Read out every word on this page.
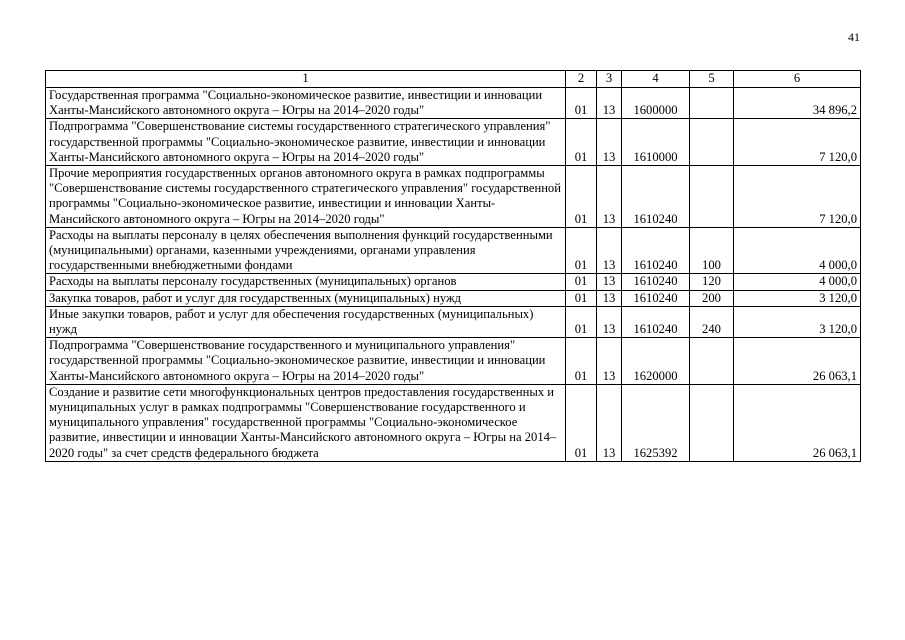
41
1	2	3	4	5	6
Государственная программа "Социально-экономическое развитие, инвестиции и инновации Ханты-Мансийского автономного округа – Югры на 2014–2020 годы"	01	13	1600000		34 896,2
Подпрограмма "Совершенствование системы государственного стратегического управления" государственной программы "Социально-экономическое развитие, инвестиции и инновации Ханты-Мансийского автономного округа – Югры на 2014–2020 годы"	01	13	1610000		7 120,0
Прочие мероприятия государственных органов автономного округа в рамках подпрограммы "Совершенствование системы государственного стратегического управления" государственной программы "Социально-экономическое развитие, инвестиции и инновации Ханты-Мансийского автономного округа – Югры на 2014–2020 годы"	01	13	1610240		7 120,0
Расходы на выплаты персоналу в целях обеспечения выполнения функций государственными (муниципальными) органами, казенными учреждениями, органами управления государственными внебюджетными фондами	01	13	1610240	100	4 000,0
Расходы на выплаты персоналу государственных (муниципальных) органов	01	13	1610240	120	4 000,0
Закупка товаров, работ и услуг для государственных (муниципальных) нужд	01	13	1610240	200	3 120,0
Иные закупки товаров, работ и услуг для обеспечения государственных (муниципальных) нужд	01	13	1610240	240	3 120,0
Подпрограмма "Совершенствование государственного и муниципального управления" государственной программы "Социально-экономическое развитие, инвестиции и инновации Ханты-Мансийского автономного округа – Югры на 2014–2020 годы"	01	13	1620000		26 063,1
Создание и развитие сети многофункциональных центров предоставления государственных и муниципальных услуг в рамках подпрограммы "Совершенствование государственного и муниципального управления" государственной программы "Социально-экономическое развитие, инвестиции и инновации Ханты-Мансийского автономного округа – Югры на 2014–2020 годы" за счет средств федерального бюджета	01	13	1625392		26 063,1
